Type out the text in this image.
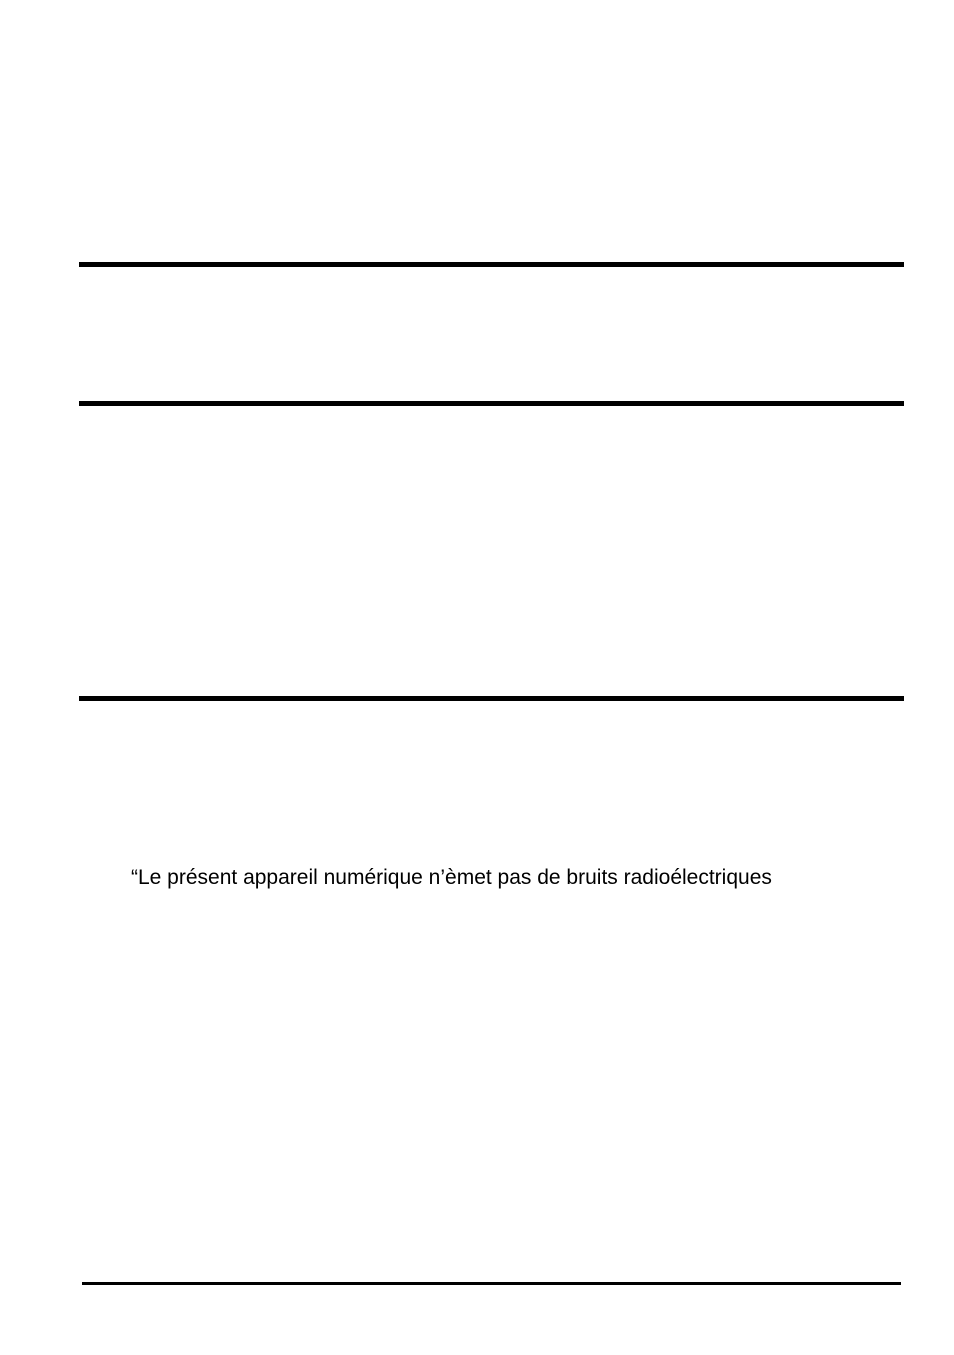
“Le présent appareil numérique n’èmet pas de bruits radioélectriques
